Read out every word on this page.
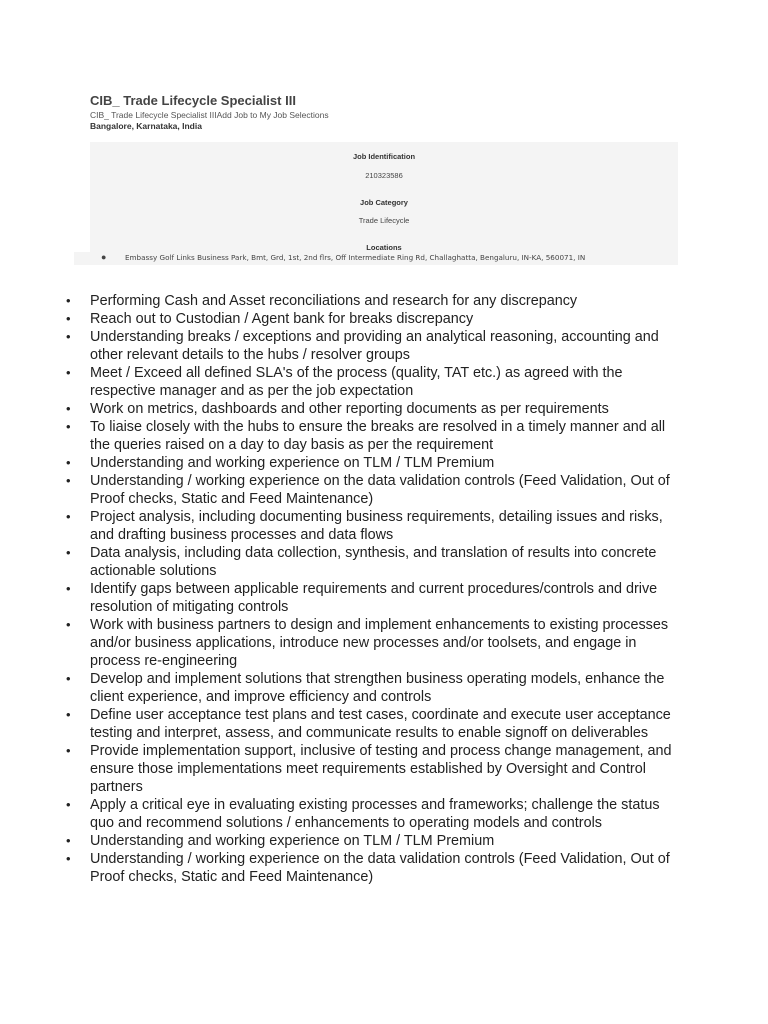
CIB_ Trade Lifecycle Specialist III
CIB_ Trade Lifecycle Specialist IIIAdd Job to My Job Selections
Bangalore, Karnataka, India
Job Identification
210323586
Job Category
Trade Lifecycle
Locations
●	Embassy Golf Links Business Park, Bmt, Grd, 1st, 2nd flrs, Off Intermediate Ring Rd, Challaghatta, Bengaluru, IN-KA, 560071, IN
• Performing Cash and Asset reconciliations and research for any discrepancy
• Reach out to Custodian / Agent bank for breaks discrepancy
• Understanding breaks / exceptions and providing an analytical reasoning, accounting and other relevant details to the hubs / resolver groups
• Meet / Exceed all defined SLA's of the process (quality, TAT etc.) as agreed with the respective manager and as per the job expectation
• Work on metrics, dashboards and other reporting documents as per requirements
• To liaise closely with the hubs to ensure the breaks are resolved in a timely manner and all the queries raised on a day to day basis as per the requirement
• Understanding and working experience on TLM / TLM Premium
• Understanding / working experience on the data validation controls (Feed Validation, Out of Proof checks, Static and Feed Maintenance)
• Project analysis, including documenting business requirements, detailing issues and risks, and drafting business processes and data flows
• Data analysis, including data collection, synthesis, and translation of results into concrete actionable solutions
• Identify gaps between applicable requirements and current procedures/controls and drive resolution of mitigating controls
• Work with business partners to design and implement enhancements to existing processes and/or business applications, introduce new processes and/or toolsets, and engage in process re-engineering
• Develop and implement solutions that strengthen business operating models, enhance the client experience, and improve efficiency and controls
• Define user acceptance test plans and test cases, coordinate and execute user acceptance testing and interpret, assess, and communicate results to enable signoff on deliverables
• Provide implementation support, inclusive of testing and process change management, and ensure those implementations meet requirements established by Oversight and Control partners
• Apply a critical eye in evaluating existing processes and frameworks; challenge the status quo and recommend solutions / enhancements to operating models and controls
• Understanding and working experience on TLM / TLM Premium
• Understanding / working experience on the data validation controls (Feed Validation, Out of Proof checks, Static and Feed Maintenance)
